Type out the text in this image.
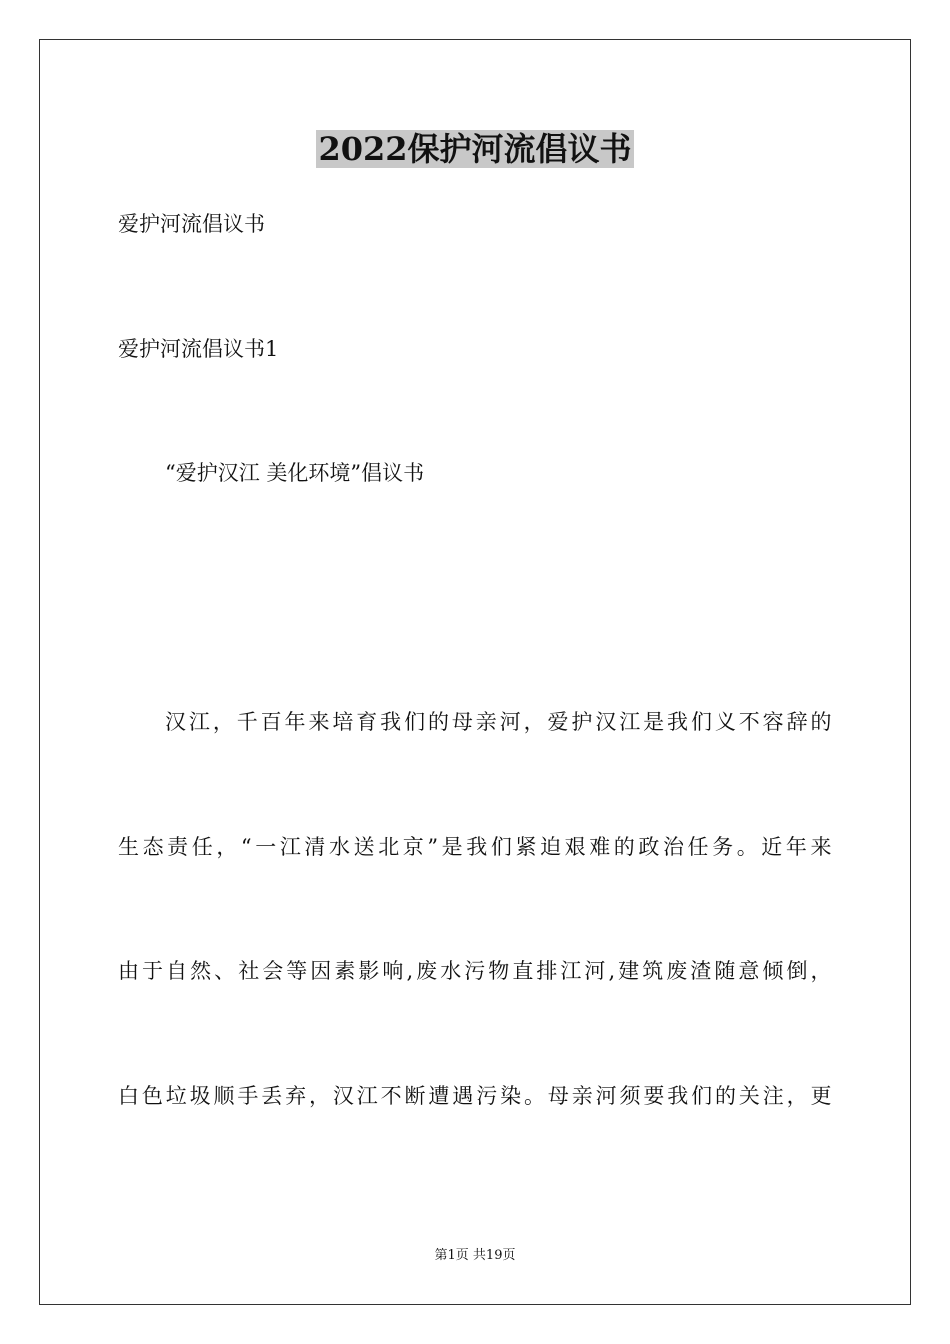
2022保护河流倡议书
爱护河流倡议书
爱护河流倡议书1
“爱护汉江 美化环境”倡议书
汉江，千百年来培育我们的母亲河，爱护汉江是我们义不容辞的
生态责任，“一江清水送北京”是我们紧迫艰难的政治任务。近年来
由于自然、社会等因素影响,废水污物直排江河,建筑废渣随意倾倒，
白色垃圾顺手丢弃，汉江不断遭遇污染。母亲河须要我们的关注，更
第1页 共19页
